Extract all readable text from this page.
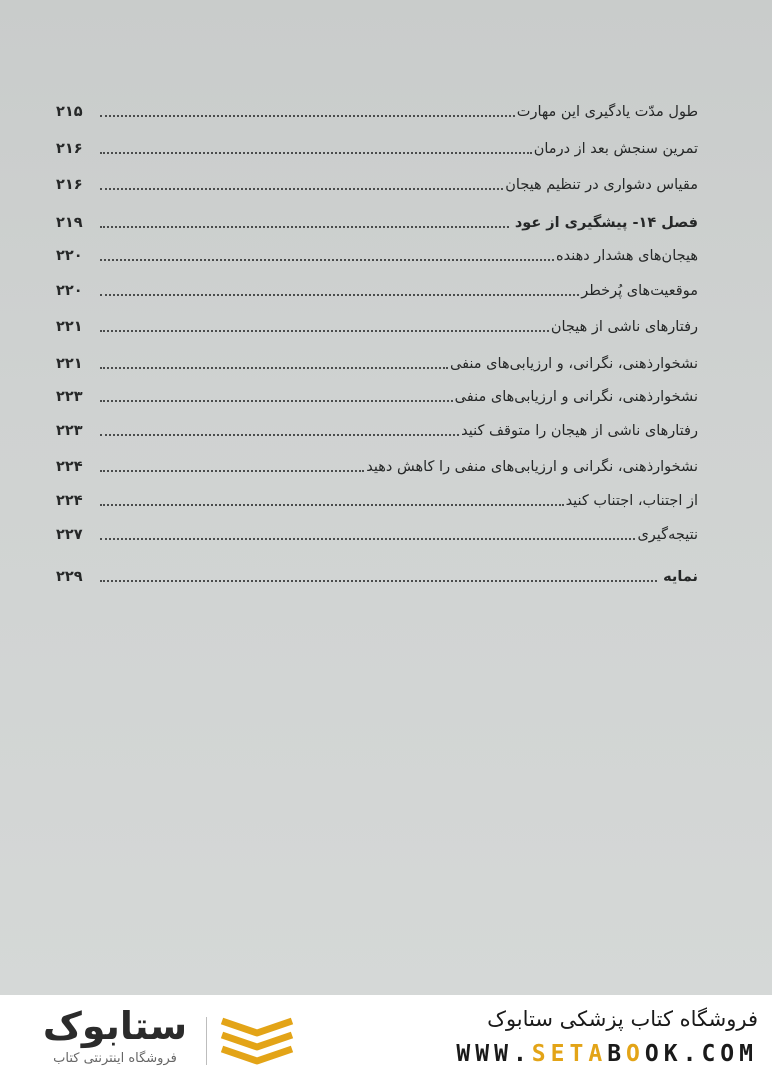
طول مدّت یادگیری این مهارت
۲۱۵
تمرین سنجش بعد از درمان
۲۱۶
مقیاس دشواری در تنظیم هیجان
۲۱۶
فصل ۱۴- پیشگیری از عود
۲۱۹
هیجان‌های هشدار دهنده
۲۲۰
موقعیت‌های پُرخطر
۲۲۰
رفتارهای ناشی از هیجان
۲۲۱
نشخوارذهنی، نگرانی، و ارزیابی‌های منفی
۲۲۱
نشخوارذهنی، نگرانی و ارزیابی‌های منفی
۲۲۳
رفتارهای ناشی از هیجان را متوقف کنید
۲۲۳
نشخوارذهنی، نگرانی و ارزیابی‌های منفی را کاهش دهید
۲۲۴
از اجتناب، اجتناب کنید
۲۲۴
نتیجه‌گیری
۲۲۷
نمایه
۲۲۹
فروشگاه کتاب پزشکی ستابوک
WWW.SETABOOK.COM
ستابوک
فروشگاه اینترنتی کتاب
